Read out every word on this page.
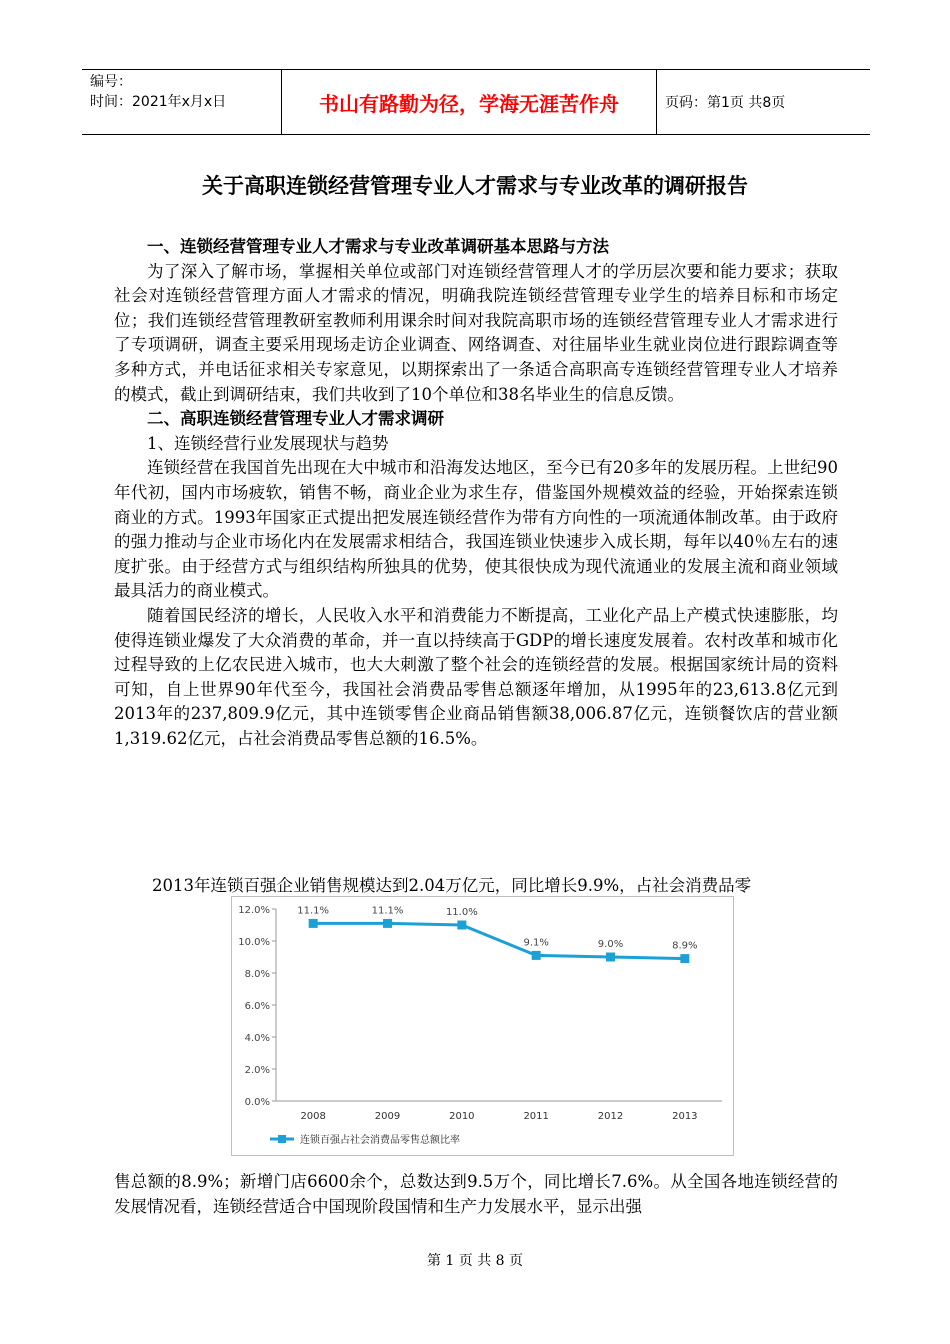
编号：
时间：2021年x月x日	书山有路勤为径，学海无涯苦作舟	页码：第1页 共8页
关于高职连锁经营管理专业人才需求与专业改革的调研报告
一、连锁经营管理专业人才需求与专业改革调研基本思路与方法

为了深入了解市场，掌握相关单位或部门对连锁经营管理人才的学历层次要和能力要求；获取社会对连锁经营管理方面人才需求的情况，明确我院连锁经营管理专业学生的培养目标和市场定位；我们连锁经营管理教研室教师利用课余时间对我院高职市场的连锁经营管理专业人才需求进行了专项调研，调查主要采用现场走访企业调查、网络调查、对往届毕业生就业岗位进行跟踪调查等多种方式，并电话征求相关专家意见，以期探索出了一条适合高职高专连锁经营管理专业人才培养的模式，截止到调研结束，我们共收到了10个单位和38名毕业生的信息反馈。

二、高职连锁经营管理专业人才需求调研

1、连锁经营行业发展现状与趋势

连锁经营在我国首先出现在大中城市和沿海发达地区，至今已有20多年的发展历程。上世纪90年代初，国内市场疲软，销售不畅，商业企业为求生存，借鉴国外规模效益的经验，开始探索连锁商业的方式。1993年国家正式提出把发展连锁经营作为带有方向性的一项流通体制改革。由于政府的强力推动与企业市场化内在发展需求相结合，我国连锁业快速步入成长期，每年以40％左右的速度扩张。由于经营方式与组织结构所独具的优势，使其很快成为现代流通业的发展主流和商业领域最具活力的商业模式。

随着国民经济的增长，人民收入水平和消费能力不断提高，工业化产品上产模式快速膨胀，均使得连锁业爆发了大众消费的革命，并一直以持续高于GDP的增长速度发展着。农村改革和城市化过程导致的上亿农民进入城市，也大大刺激了整个社会的连锁经营的发展。根据国家统计局的资料可知，自上世界90年代至今，我国社会消费品零售总额逐年增加，从1995年的23,613.8亿元到2013年的237,809.9亿元，其中连锁零售企业商品销售额38,006.87亿元，连锁餐饮店的营业额1,319.62亿元，占社会消费品零售总额的16.5%。

2013年连锁百强企业销售规模达到2.04万亿元，同比增长9.9%，占社会消费品零
0.0%
2.0%
4.0%
6.0%
8.0%
10.0%
12.0%
2008	2009	2010	2011	2012	2013
11.1%	11.1%	11.0%
9.1%	9.0%	8.9%
连锁百强占社会消费品零售总额比率

售总额的8.9%；新增门店6600余个，总数达到9.5万个，同比增长7.6%。从全国各地连锁经营的发展情况看，连锁经营适合中国现阶段国情和生产力发展水平，显示出强

第 1 页 共 8 页
